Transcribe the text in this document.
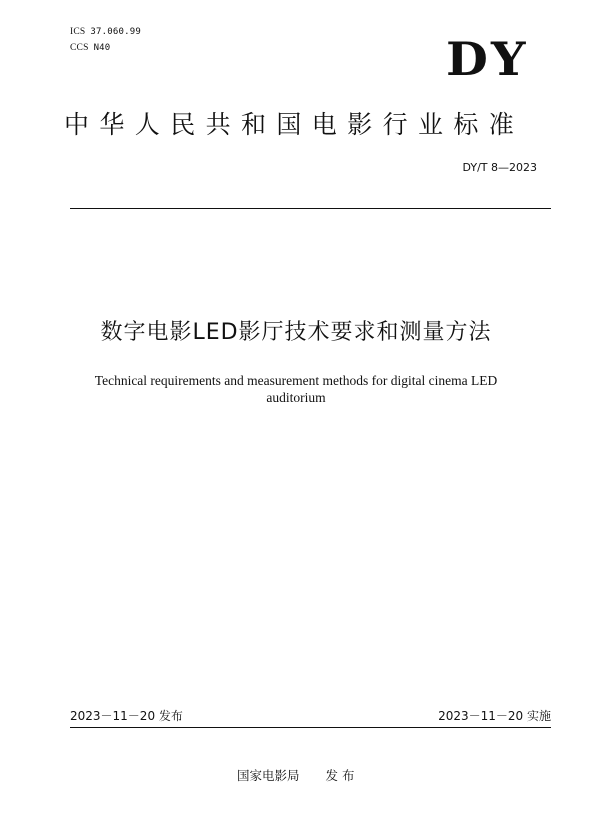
ICS 37.060.99
CCS N40	DY
中华人民共和国电影行业标准
DY/T 8—2023
数字电影LED影厅技术要求和测量方法
Technical requirements and measurement methods for digital cinema LED
auditorium
2023－11－20 发布	2023－11－20 实施
国家电影局 发 布
